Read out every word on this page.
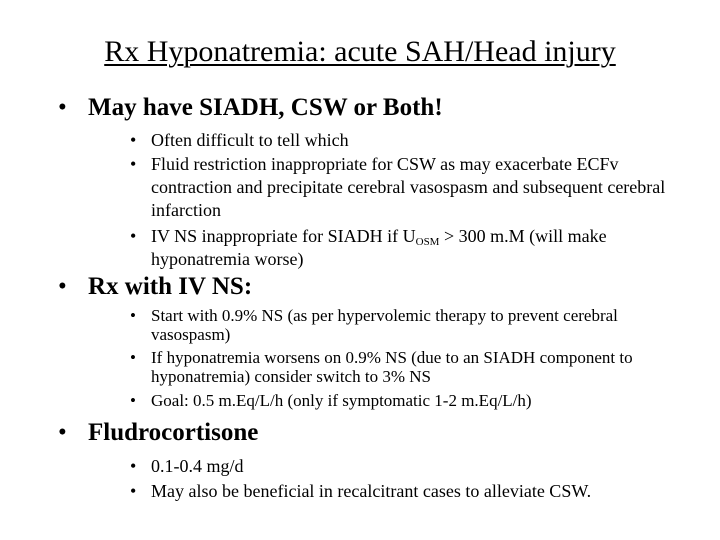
Rx Hyponatremia: acute SAH/Head injury
• May have SIADH, CSW or Both!
• Often difficult to tell which
• Fluid restriction inappropriate for CSW as may exacerbate ECFv contraction and precipitate cerebral vasospasm and subsequent cerebral infarction
• IV NS inappropriate for SIADH if $U_{OSM} > 300$ m.M (will make hyponatremia worse)
• Rx with IV NS:
• Start with 0.9% NS (as per hypervolemic therapy to prevent cerebral vasospasm)
• If hyponatremia worsens on 0.9% NS (due to an SIADH component to hyponatremia) consider switch to 3% NS
• Goal: 0.5 m.Eq/L/h (only if symptomatic 1-2 m.Eq/L/h)
• Fludrocortisone
• 0.1-0.4 mg/d
• May also be beneficial in recalcitrant cases to alleviate CSW.
